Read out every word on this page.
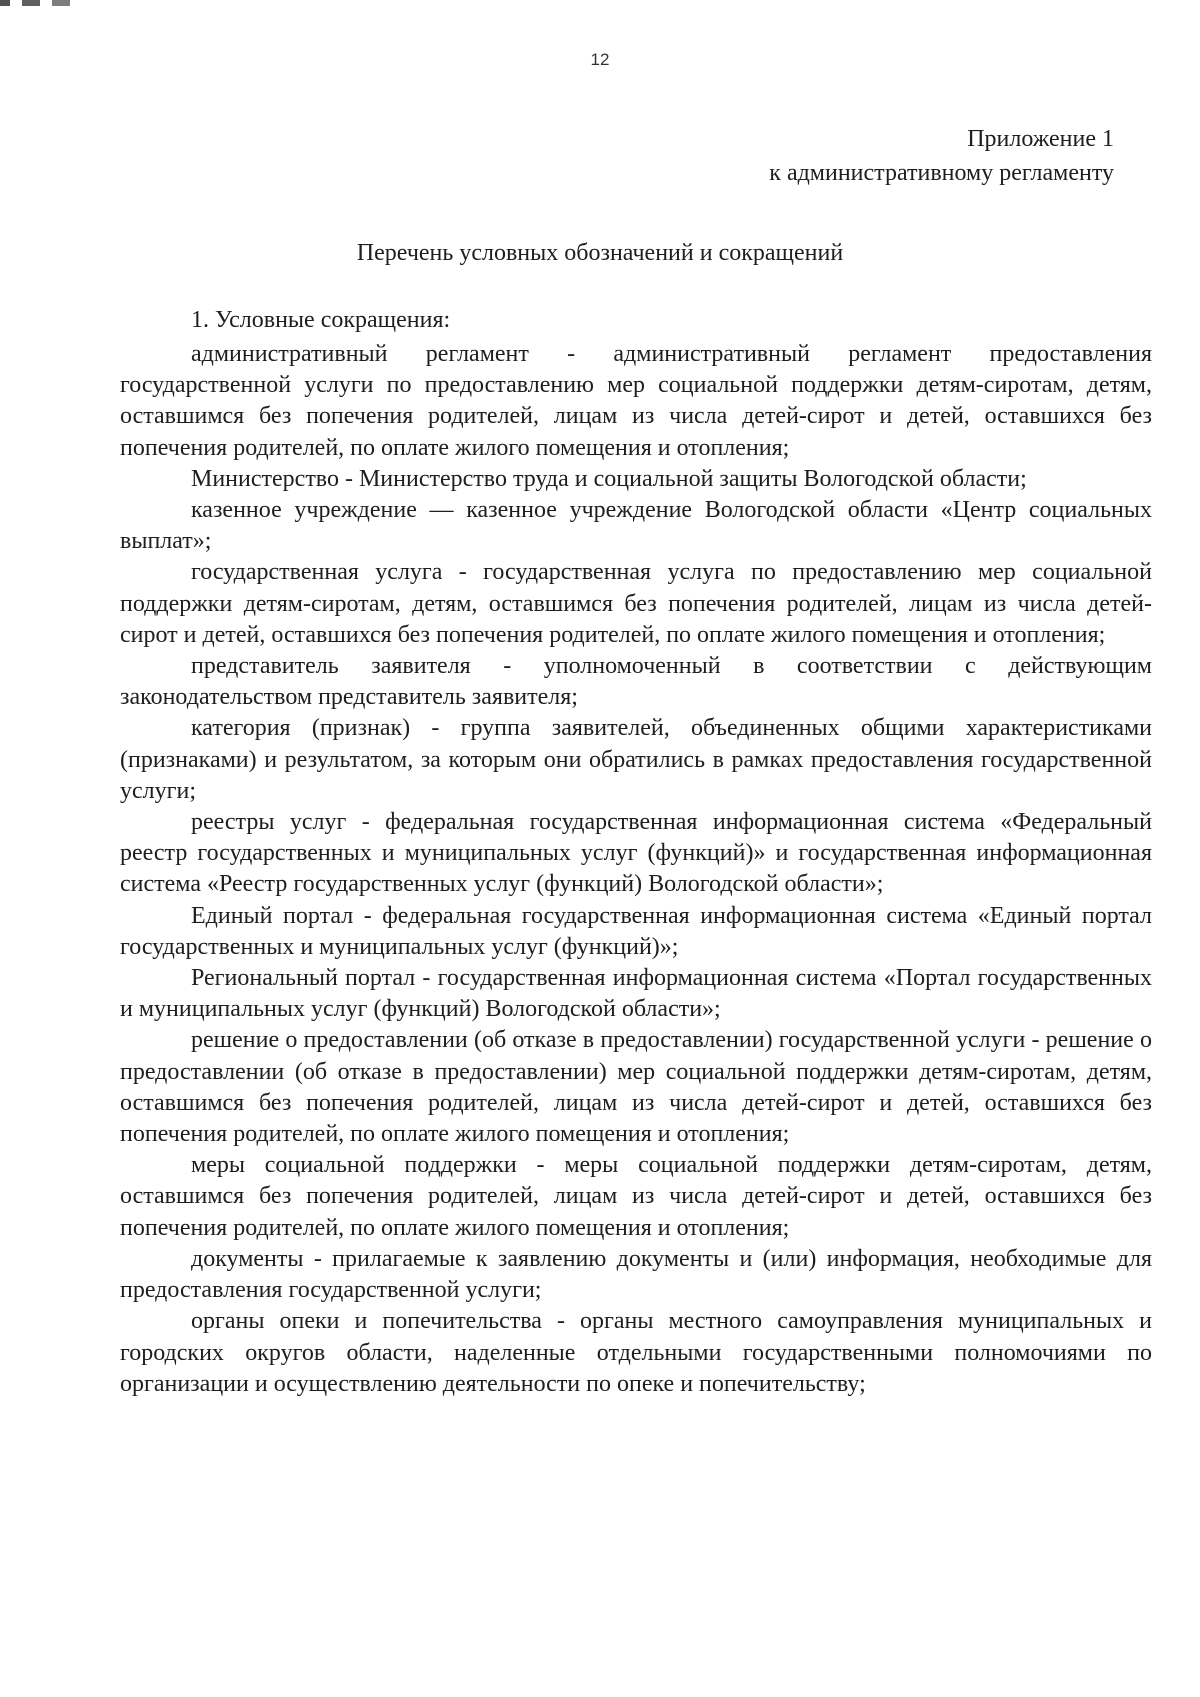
12
Приложение 1
к административному регламенту
Перечень условных обозначений и сокращений
1. Условные сокращения:

административный регламент - административный регламент предоставления государственной услуги по предоставлению мер социальной поддержки детям-сиротам, детям, оставшимся без попечения родителей, лицам из числа детей-сирот и детей, оставшихся без попечения родителей, по оплате жилого помещения и отопления;

Министерство - Министерство труда и социальной защиты Вологодской области;

казенное учреждение — казенное учреждение Вологодской области «Центр социальных выплат»;

государственная услуга - государственная услуга по предоставлению мер социальной поддержки детям-сиротам, детям, оставшимся без попечения родителей, лицам из числа детей-сирот и детей, оставшихся без попечения родителей, по оплате жилого помещения и отопления;

представитель заявителя - уполномоченный в соответствии с действующим законодательством представитель заявителя;

категория (признак) - группа заявителей, объединенных общими характеристиками (признаками) и результатом, за которым они обратились в рамках предоставления государственной услуги;

реестры услуг - федеральная государственная информационная система «Федеральный реестр государственных и муниципальных услуг (функций)» и государственная информационная система «Реестр государственных услуг (функций) Вологодской области»;

Единый портал - федеральная государственная информационная система «Единый портал государственных и муниципальных услуг (функций)»;

Региональный портал - государственная информационная система «Портал государственных и муниципальных услуг (функций) Вологодской области»;

решение о предоставлении (об отказе в предоставлении) государственной услуги - решение о предоставлении (об отказе в предоставлении) мер социальной поддержки детям-сиротам, детям, оставшимся без попечения родителей, лицам из числа детей-сирот и детей, оставшихся без попечения родителей, по оплате жилого помещения и отопления;

меры социальной поддержки - меры социальной поддержки детям-сиротам, детям, оставшимся без попечения родителей, лицам из числа детей-сирот и детей, оставшихся без попечения родителей, по оплате жилого помещения и отопления;

документы - прилагаемые к заявлению документы и (или) информация, необходимые для предоставления государственной услуги;

органы опеки и попечительства - органы местного самоуправления муниципальных и городских округов области, наделенные отдельными государственными полномочиями по организации и осуществлению деятельности по опеке и попечительству;
